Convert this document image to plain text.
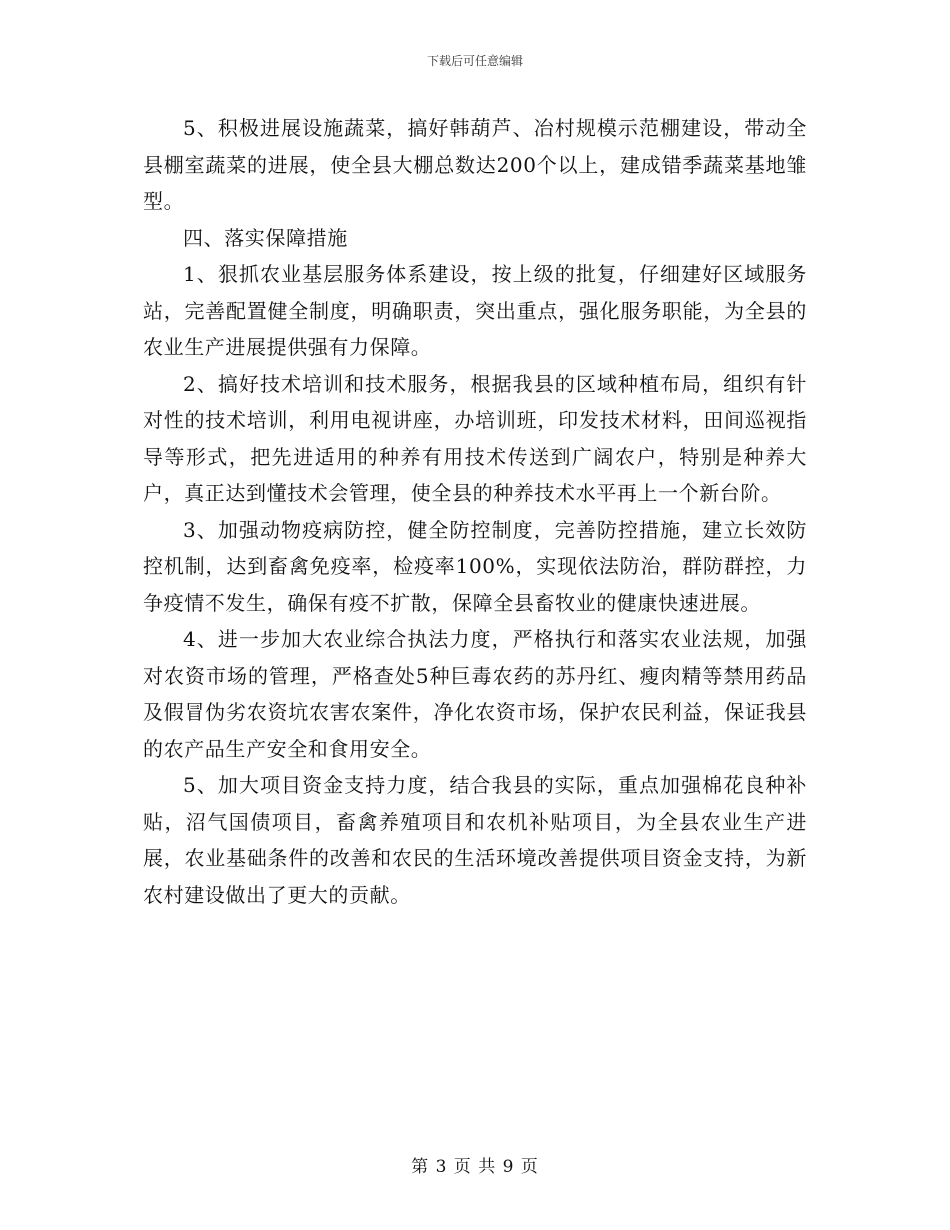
下载后可任意编辑

5、积极进展设施蔬菜，搞好韩葫芦、冶村规模示范棚建设，带动全县棚室蔬菜的进展，使全县大棚总数达200个以上，建成错季蔬菜基地雏型。

四、落实保障措施

1、狠抓农业基层服务体系建设，按上级的批复，仔细建好区域服务站，完善配置健全制度，明确职责，突出重点，强化服务职能，为全县的农业生产进展提供强有力保障。

2、搞好技术培训和技术服务，根据我县的区域种植布局，组织有针对性的技术培训，利用电视讲座，办培训班，印发技术材料，田间巡视指导等形式，把先进适用的种养有用技术传送到广阔农户，特别是种养大户，真正达到懂技术会管理，使全县的种养技术水平再上一个新台阶。

3、加强动物疫病防控，健全防控制度，完善防控措施，建立长效防控机制，达到畜禽免疫率，检疫率100%，实现依法防治，群防群控，力争疫情不发生，确保有疫不扩散，保障全县畜牧业的健康快速进展。

4、进一步加大农业综合执法力度，严格执行和落实农业法规，加强对农资市场的管理，严格查处5种巨毒农药的苏丹红、瘦肉精等禁用药品及假冒伪劣农资坑农害农案件，净化农资市场，保护农民利益，保证我县的农产品生产安全和食用安全。

5、加大项目资金支持力度，结合我县的实际，重点加强棉花良种补贴，沼气国债项目，畜禽养殖项目和农机补贴项目，为全县农业生产进展，农业基础条件的改善和农民的生活环境改善提供项目资金支持，为新农村建设做出了更大的贡献。

第 3 页 共 9 页
